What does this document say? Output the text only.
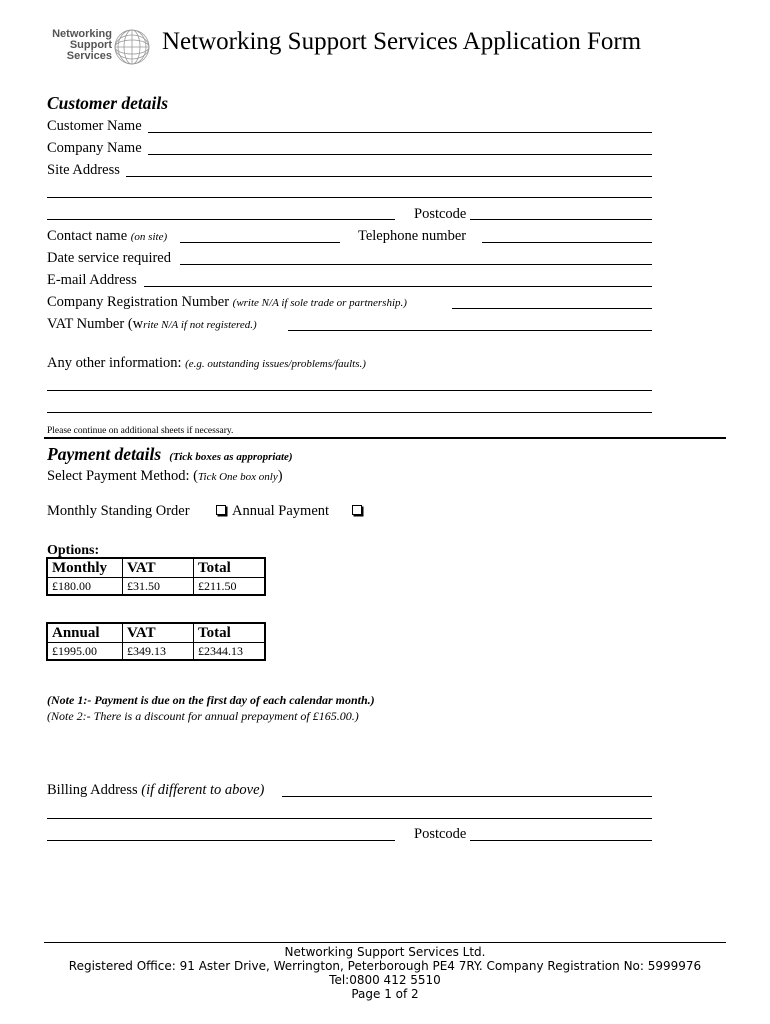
Networking
Support
Services
Networking Support Services Application Form
Customer details
Customer Name
Company Name
Site Address
Postcode
Contact name (on site)	Telephone number
Date service required
E-mail Address
Company Registration Number (write N/A if sole trade or partnership.)
VAT Number (write N/A if not registered.)
Any other information: (e.g. outstanding issues/problems/faults.)
Please continue on additional sheets if necessary.
Payment details (Tick boxes as appropriate)
Select Payment Method: (Tick One box only)
Monthly Standing Order	Annual Payment
Options:
Monthly	VAT	Total
£180.00	£31.50	£211.50
Annual	VAT	Total
£1995.00	£349.13	£2344.13
(Note 1:- Payment is due on the first day of each calendar month.)
(Note 2:- There is a discount for annual prepayment of £165.00.)
Billing Address (if different to above)
Postcode
Networking Support Services Ltd.
Registered Office: 91 Aster Drive, Werrington, Peterborough PE4 7RY. Company Registration No: 5999976
Tel:0800 412 5510
Page 1 of 2
